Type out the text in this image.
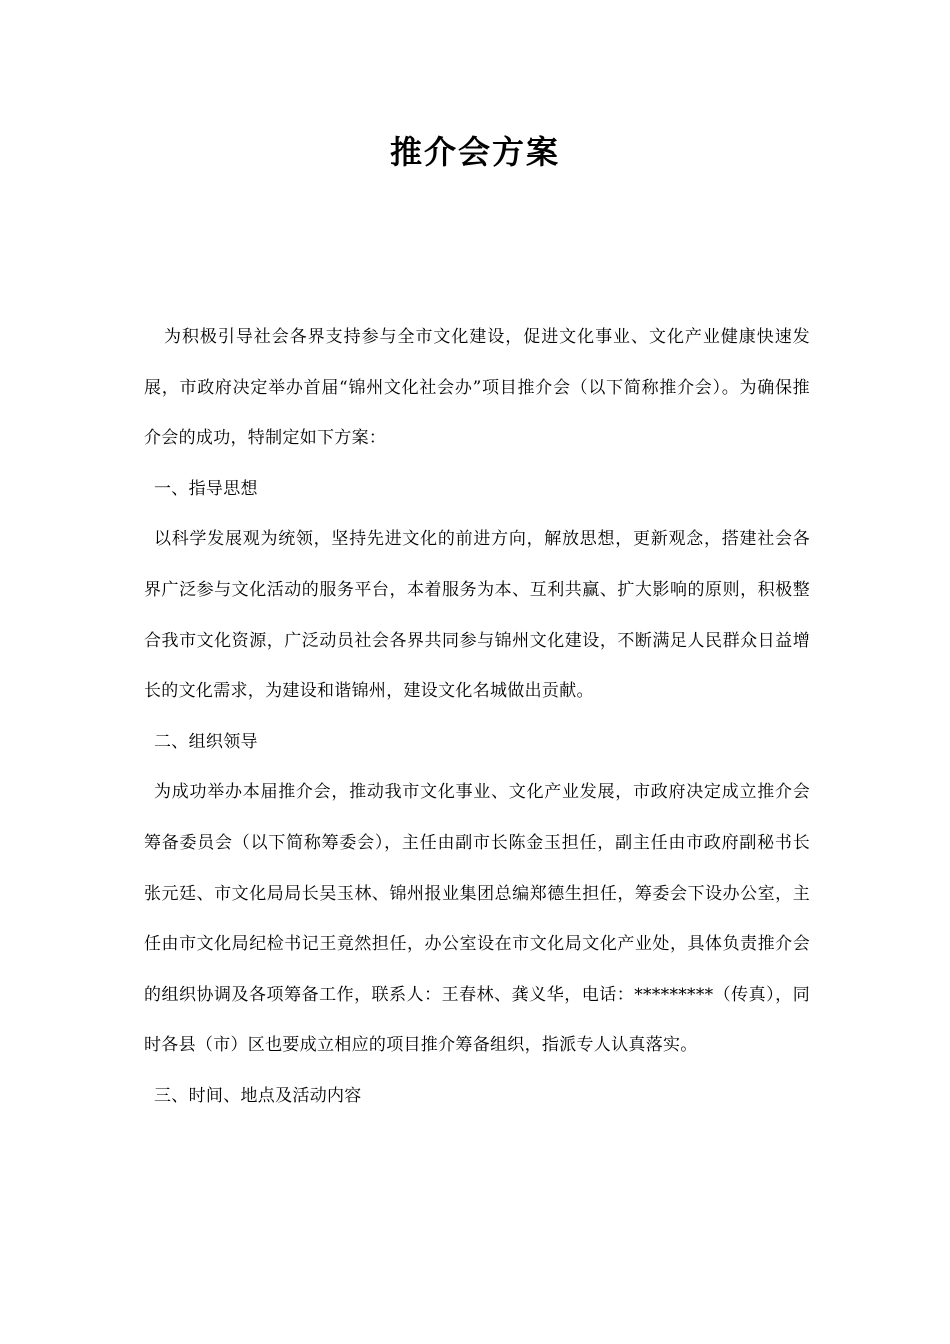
推介会方案

为积极引导社会各界支持参与全市文化建设，促进文化事业、文化产业健康快速发展，市政府决定举办首届“锦州文化社会办”项目推介会（以下简称推介会）。为确保推介会的成功，特制定如下方案：

一、指导思想

以科学发展观为统领，坚持先进文化的前进方向，解放思想，更新观念，搭建社会各界广泛参与文化活动的服务平台，本着服务为本、互利共赢、扩大影响的原则，积极整合我市文化资源，广泛动员社会各界共同参与锦州文化建设，不断满足人民群众日益增长的文化需求，为建设和谐锦州，建设文化名城做出贡献。

二、组织领导

为成功举办本届推介会，推动我市文化事业、文化产业发展，市政府决定成立推介会筹备委员会（以下简称筹委会），主任由副市长陈金玉担任，副主任由市政府副秘书长张元廷、市文化局局长吴玉林、锦州报业集团总编郑德生担任，筹委会下设办公室，主任由市文化局纪检书记王竟然担任，办公室设在市文化局文化产业处，具体负责推介会的组织协调及各项筹备工作，联系人：王春林、龚义华，电话：*********（传真），同时各县（市）区也要成立相应的项目推介筹备组织，指派专人认真落实。

三、时间、地点及活动内容
